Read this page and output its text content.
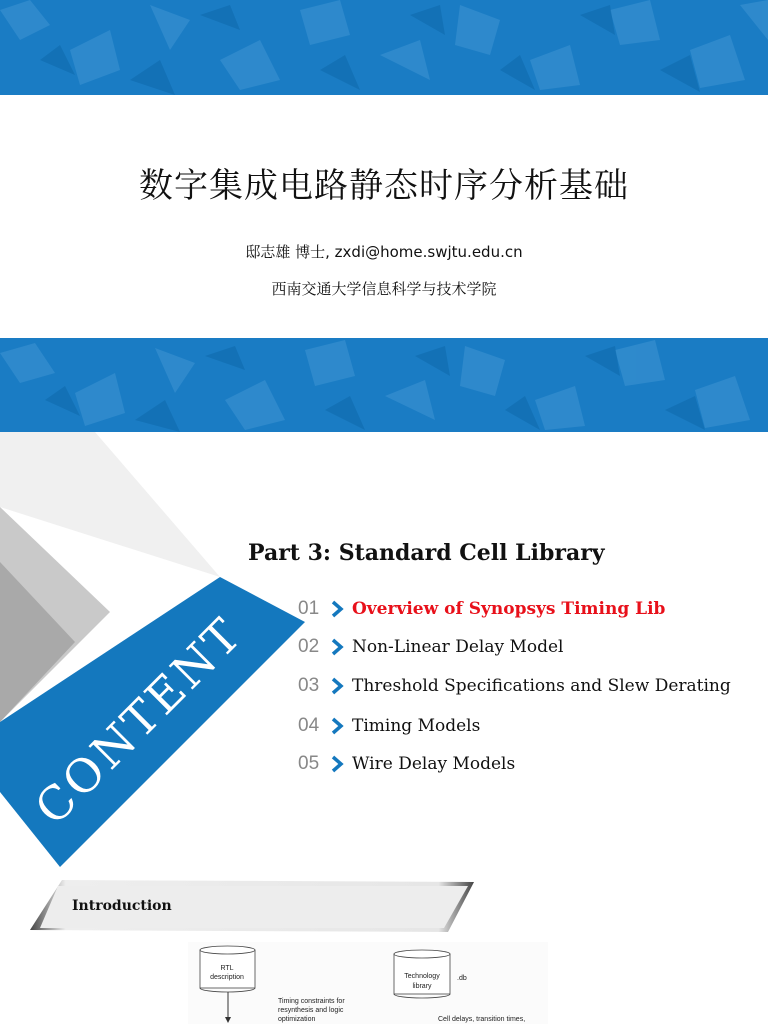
数字集成电路静态时序分析基础
邸志雄 博士, zxdi@home.swjtu.edu.cn
西南交通大学信息科学与技术学院
CONTENT
Part 3: Standard Cell Library
01	Overview of Synopsys Timing Lib
02	Non-Linear Delay Model
03	Threshold Specifications and Slew Derating
04	Timing Models
05	Wire Delay Models
RTL
description	Technology
library
.db
Timing constraints for
resynthesis and logic
optimization	Cell delays, transition times,
Introduction
